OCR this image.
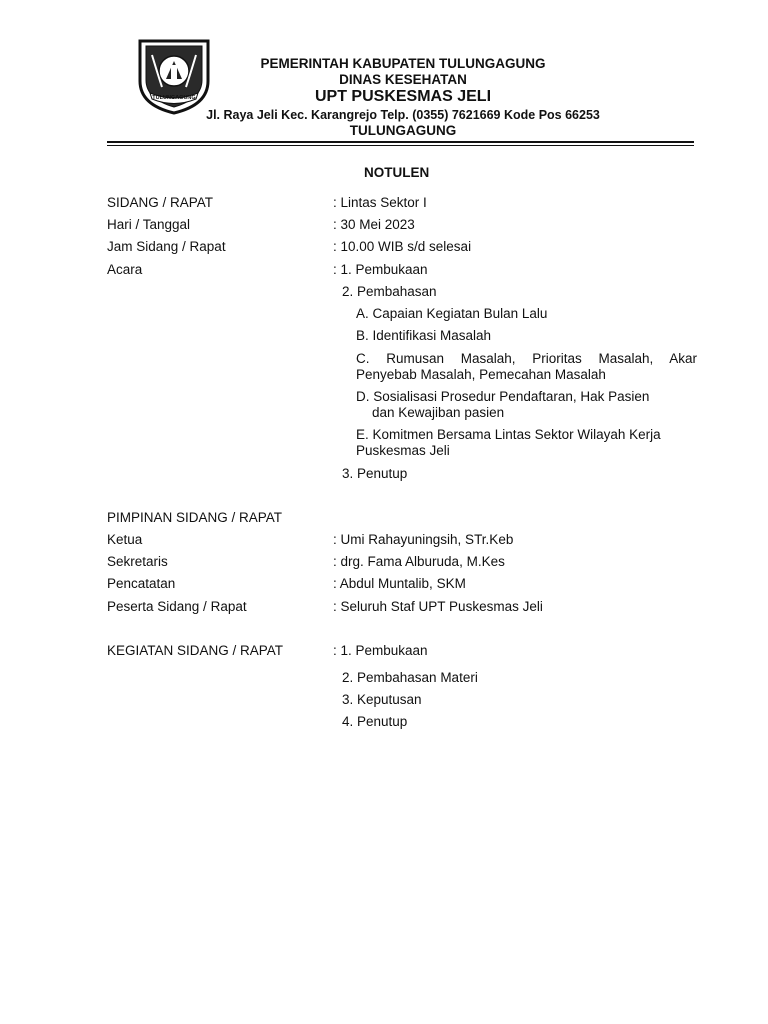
TULUNGAGUNG
PEMERINTAH KABUPATEN TULUNGAGUNG
DINAS KESEHATAN
UPT PUSKESMAS JELI
Jl. Raya Jeli Kec. Karangrejo Telp. (0355) 7621669 Kode Pos 66253
TULUNGAGUNG
NOTULEN
SIDANG / RAPAT	: Lintas Sektor I
Hari / Tanggal	: 30 Mei 2023
Jam Sidang / Rapat	: 10.00 WIB s/d selesai
Acara	: 1. Pembukaan
2. Pembahasan
A. Capaian Kegiatan Bulan Lalu
B. Identifikasi Masalah
C. Rumusan Masalah, Prioritas Masalah, Akar
Penyebab Masalah, Pemecahan Masalah
D. Sosialisasi Prosedur Pendaftaran, Hak Pasien
dan Kewajiban pasien
E. Komitmen Bersama Lintas Sektor Wilayah Kerja
Puskesmas Jeli
3. Penutup
PIMPINAN SIDANG / RAPAT
Ketua	: Umi Rahayuningsih, STr.Keb
Sekretaris	: drg. Fama Alburuda, M.Kes
Pencatatan	: Abdul Muntalib, SKM
Peserta Sidang / Rapat	: Seluruh Staf UPT Puskesmas Jeli
KEGIATAN SIDANG / RAPAT	: 1. Pembukaan
2. Pembahasan Materi
3. Keputusan
4. Penutup
